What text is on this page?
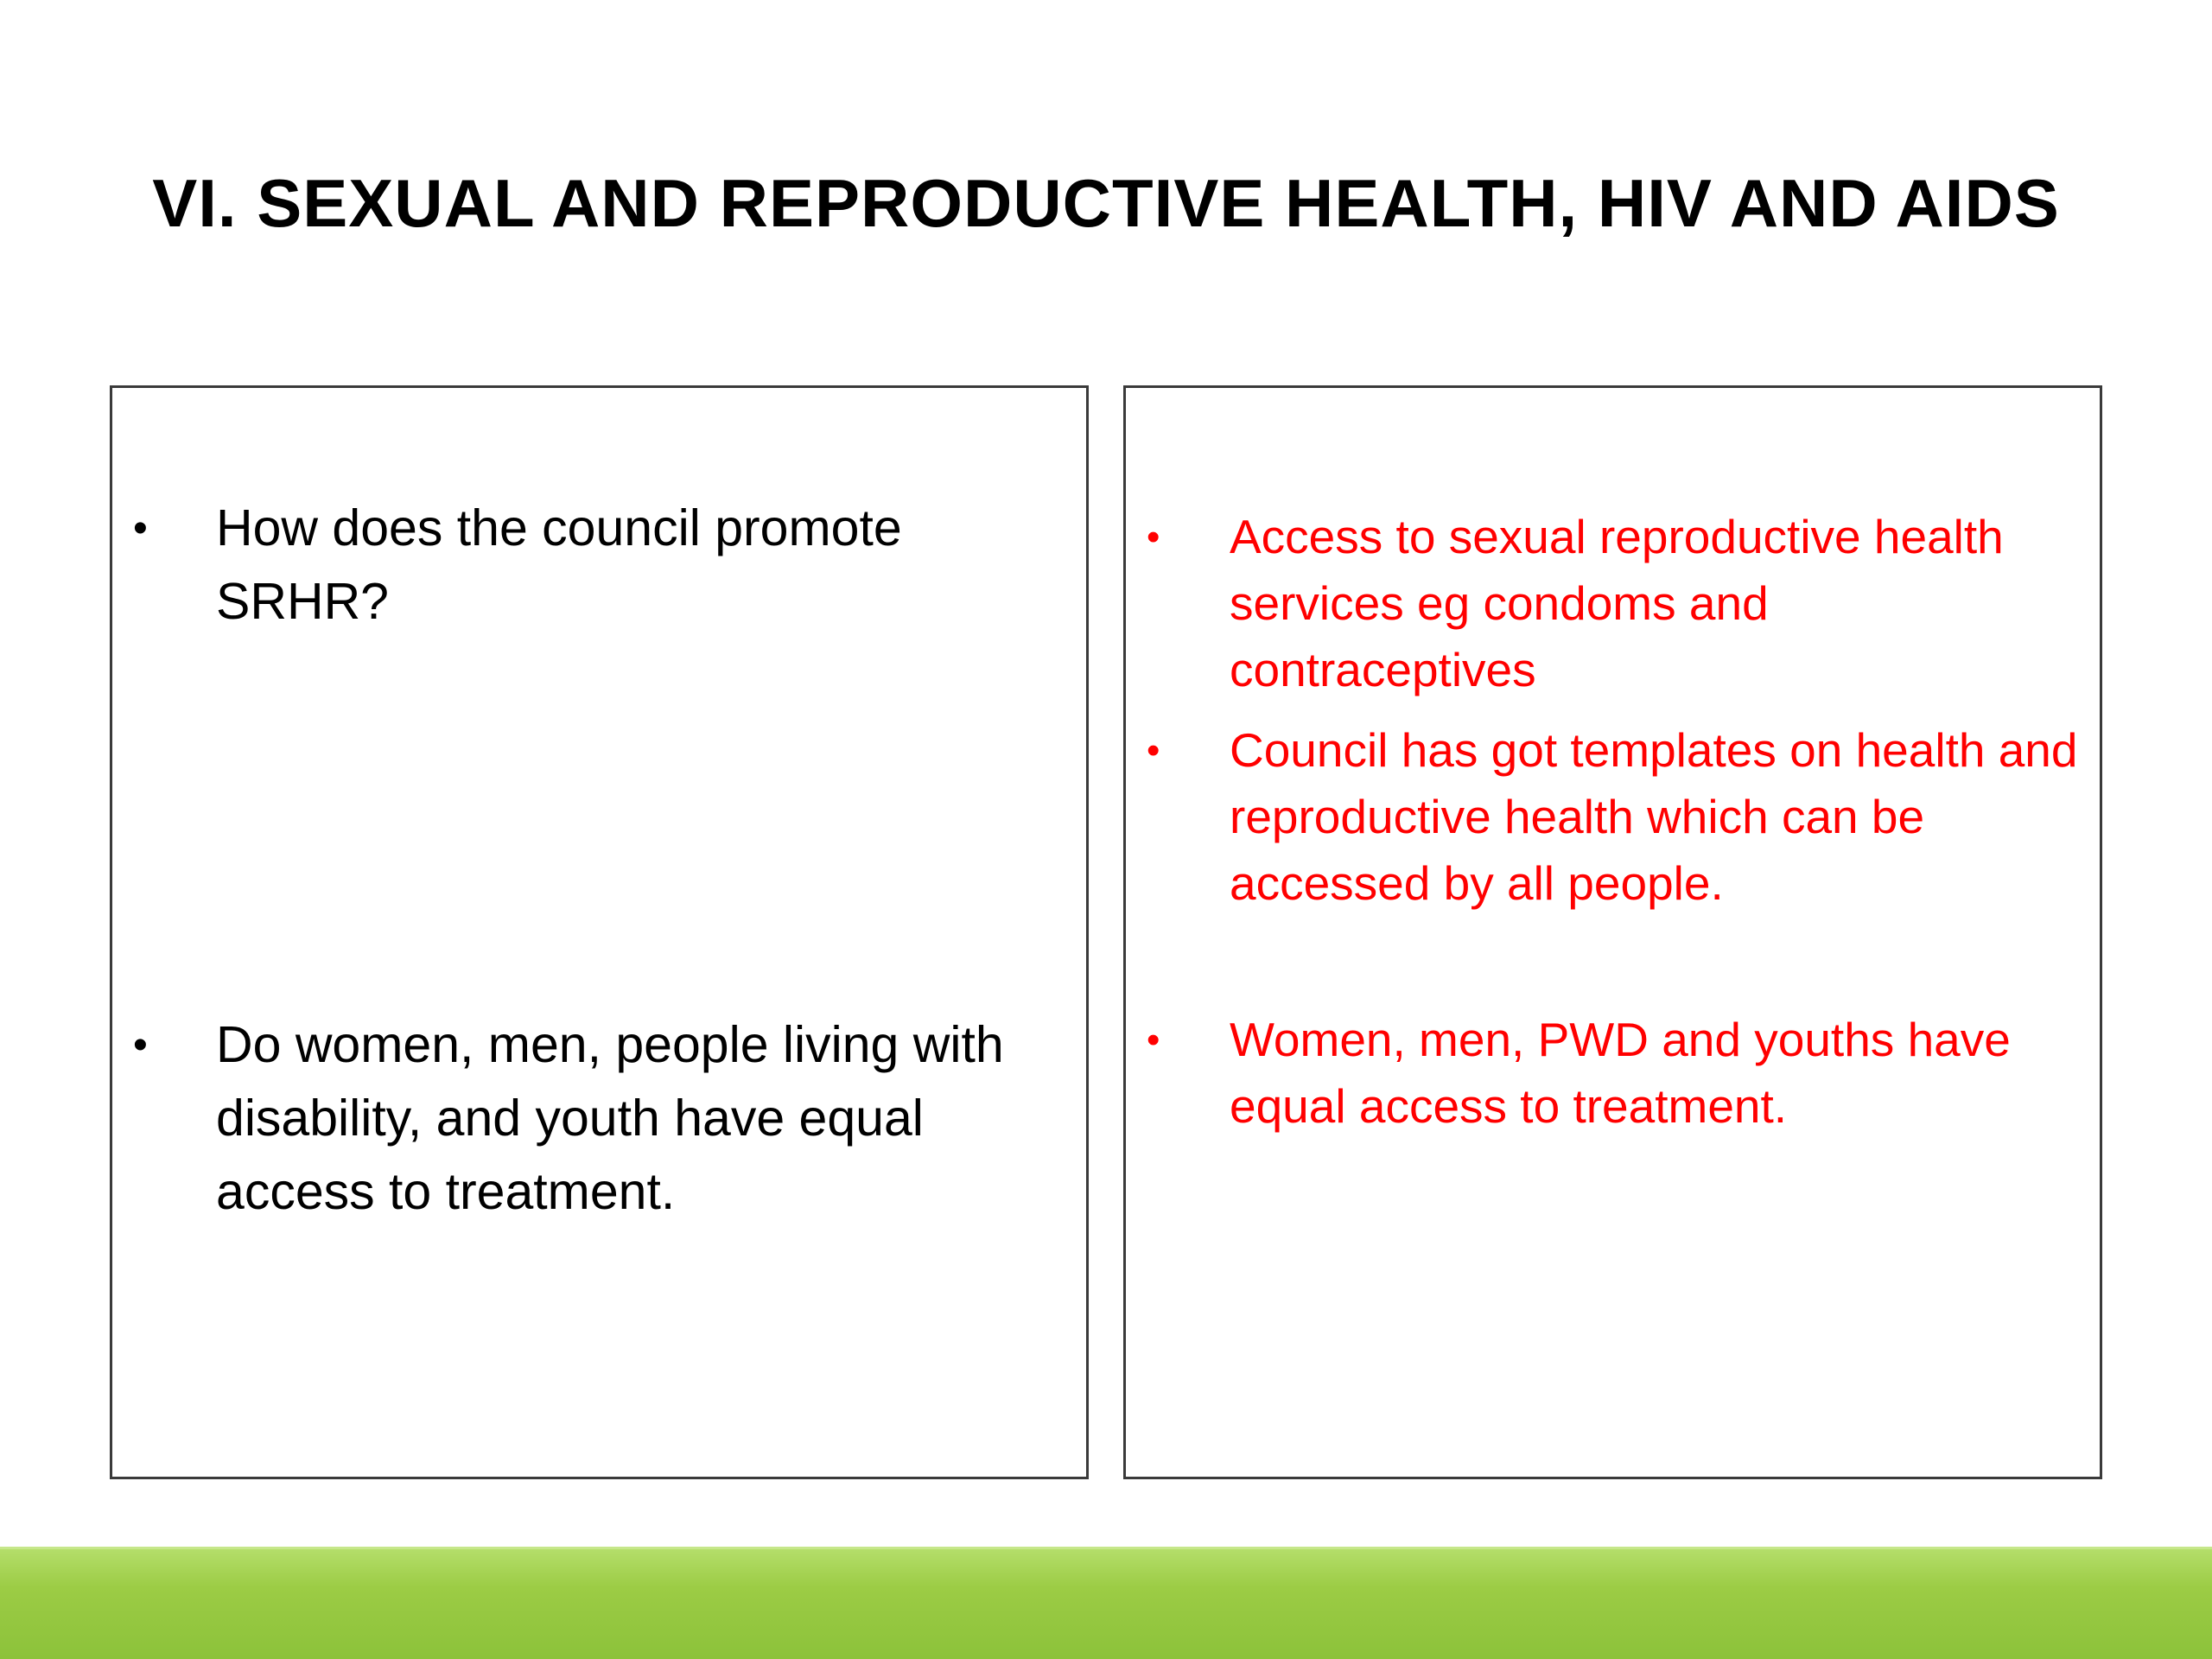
VI. SEXUAL AND REPRODUCTIVE HEALTH, HIV AND AIDS
• How does the council promote SRHR?
• Do women, men, people living with disability, and youth have equal access to treatment.
• Access to sexual reproductive health services eg condoms and contraceptives
• Council has got templates on health and reproductive health which can be accessed by all people.
• Women, men, PWD and youths have equal access to treatment.
